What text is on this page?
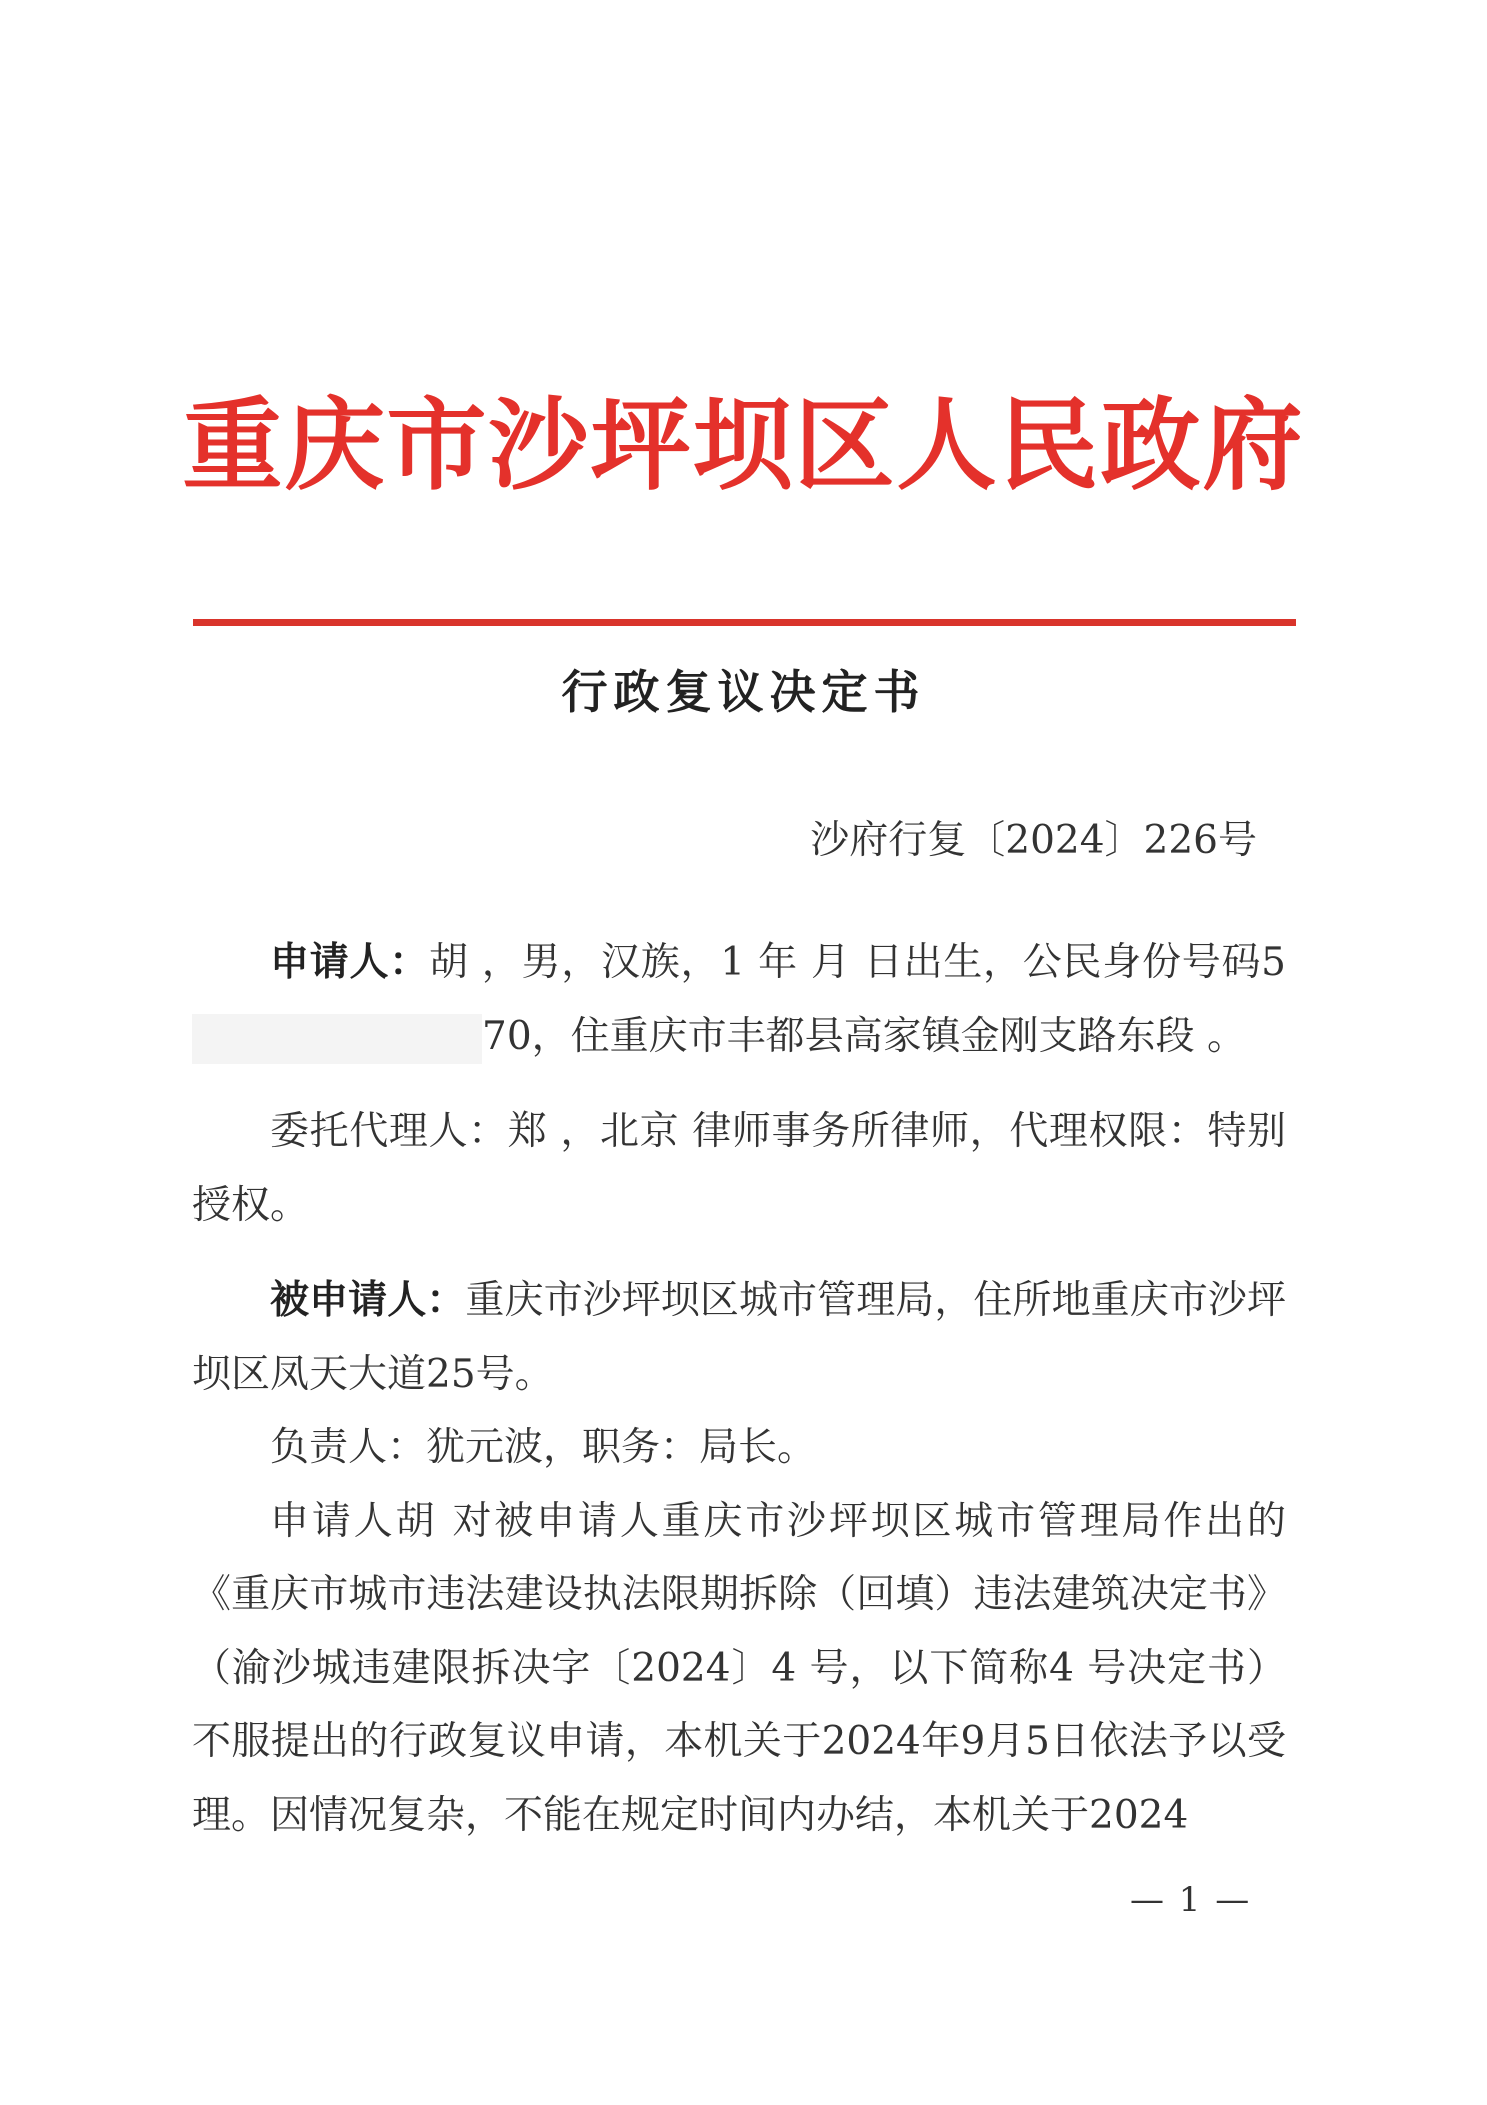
重庆市沙坪坝区人民政府
行政复议决定书
沙府行复〔2024〕226号

申请人：胡 ，男，汉族，1 年 月 日出生，公民身份号码570，住重庆市丰都县高家镇金刚支路东段 。

委托代理人：郑 ，北京 律师事务所律师，代理权限：特别授权。

被申请人：重庆市沙坪坝区城市管理局，住所地重庆市沙坪坝区凤天大道25号。

负责人：犹元波，职务：局长。

申请人胡 对被申请人重庆市沙坪坝区城市管理局作出的《重庆市城市违法建设执法限期拆除（回填）违法建筑决定书》（渝沙城违建限拆决字〔2024〕4 号，以下简称4 号决定书）不服提出的行政复议申请，本机关于2024年9月5日依法予以受理。因情况复杂，不能在规定时间内办结，本机关于2024

— 1 —
